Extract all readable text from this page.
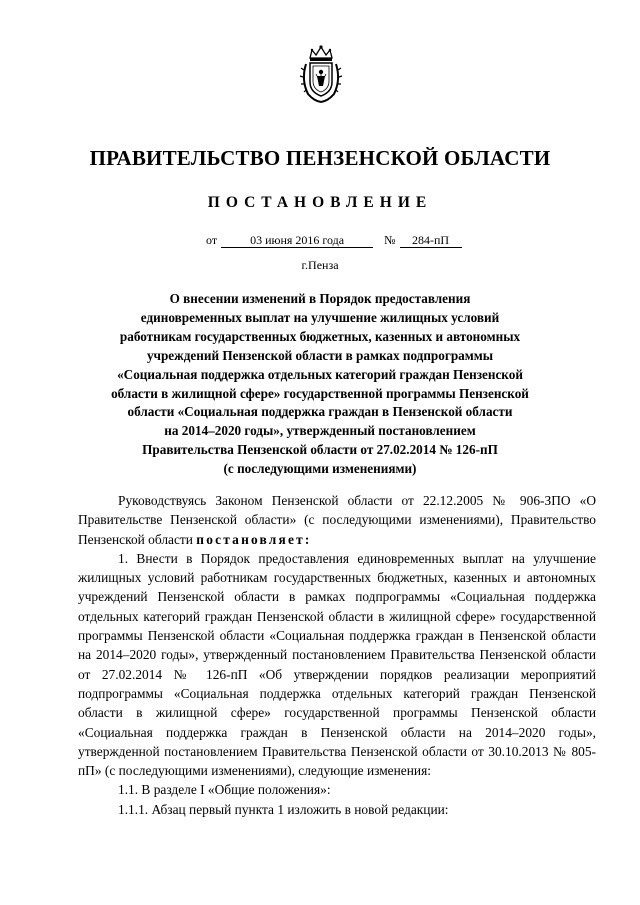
ПРАВИТЕЛЬСТВО ПЕНЗЕНСКОЙ ОБЛАСТИ
ПОСТАНОВЛЕНИЕ
от	03 июня 2016 года	№ 284-пП
г.Пенза
О внесении изменений в Порядок предоставления
единовременных выплат на улучшение жилищных условий
работникам государственных бюджетных, казенных и автономных
учреждений Пензенской области в рамках подпрограммы
«Социальная поддержка отдельных категорий граждан Пензенской
области в жилищной сфере» государственной программы Пензенской
области «Социальная поддержка граждан в Пензенской области
на 2014–2020 годы», утвержденный постановлением
Правительства Пензенской области от 27.02.2014 № 126-пП
(с последующими изменениями)

Руководствуясь Законом Пензенской области от 22.12.2005 № 906-ЗПО «О Правительстве Пензенской области» (с последующими изменениями), Правительство Пензенской области постановляет:

1. Внести в Порядок предоставления единовременных выплат на улучшение жилищных условий работникам государственных бюджетных, казенных и автономных учреждений Пензенской области в рамках подпрограммы «Социальная поддержка отдельных категорий граждан Пензенской области в жилищной сфере» государственной программы Пензенской области «Социальная поддержка граждан в Пензенской области на 2014–2020 годы», утвержденный постановлением Правительства Пензенской области от 27.02.2014 № 126-пП «Об утверждении порядков реализации мероприятий подпрограммы «Социальная поддержка отдельных категорий граждан Пензенской области в жилищной сфере» государственной программы Пензенской области «Социальная поддержка граждан в Пензенской области на 2014–2020 годы», утвержденной постановлением Правительства Пензенской области от 30.10.2013 № 805-пП» (с последующими изменениями), следующие изменения:

1.1. В разделе I «Общие положения»:

1.1.1. Абзац первый пункта 1 изложить в новой редакции:
